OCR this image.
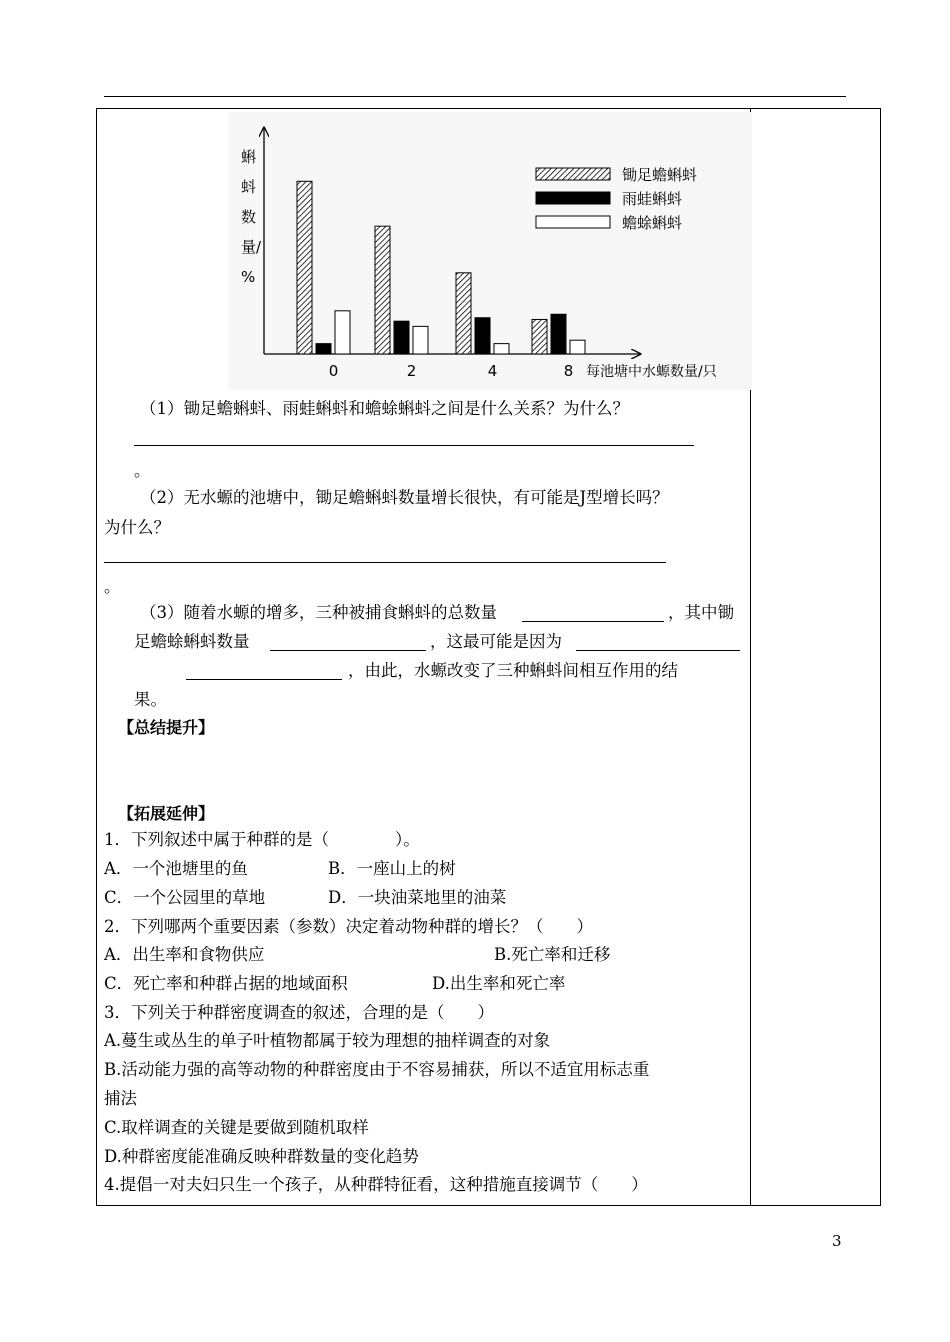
蝌
蚪
数
量/
%
0	2	4	8 每池塘中水螈数量/只
锄足蟾蝌蚪
雨蛙蝌蚪
蟾蜍蝌蚪
（1）锄足蟾蝌蚪、雨蛙蝌蚪和蟾蜍蝌蚪之间是什么关系？为什么？
。
（2）无水螈的池塘中，锄足蟾蝌蚪数量增长很快，有可能是J型增长吗？
为什么？
。
（3）随着水螈的增多，三种被捕食蝌蚪的总数量	，其中锄
足蟾蜍蝌蚪数量	，这最可能是因为
，由此，水螈改变了三种蝌蚪间相互作用的结
果。
【总结提升】
【拓展延伸】
1．下列叙述中属于种群的是（　　　　）。
A．一个池塘里的鱼	B．一座山上的树
C．一个公园里的草地	D．一块油菜地里的油菜
2．下列哪两个重要因素（参数）决定着动物种群的增长？（　　）
A．出生率和食物供应	B.死亡率和迁移
C．死亡率和种群占据的地域面积	D.出生率和死亡率
3．下列关于种群密度调查的叙述，合理的是（　　）
A.蔓生或丛生的单子叶植物都属于较为理想的抽样调查的对象
B.活动能力强的高等动物的种群密度由于不容易捕获，所以不适宜用标志重
捕法
C.取样调查的关键是要做到随机取样
D.种群密度能准确反映种群数量的变化趋势
4.提倡一对夫妇只生一个孩子，从种群特征看，这种措施直接调节（　　）
3
